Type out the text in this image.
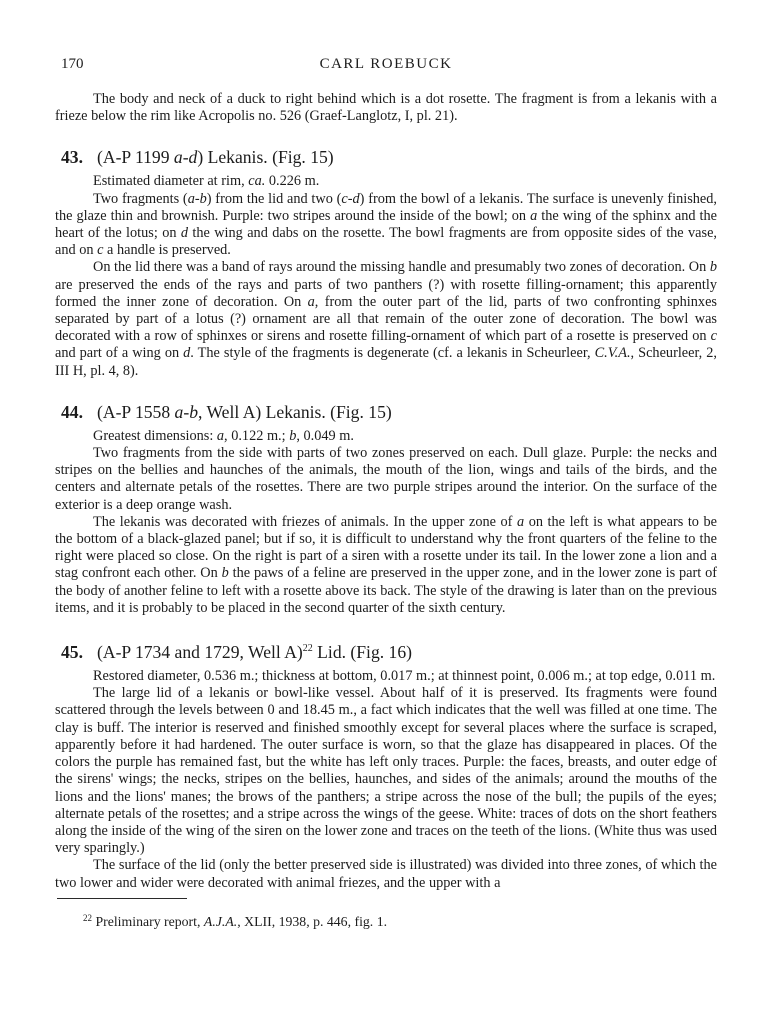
170	CARL ROEBUCK

The body and neck of a duck to right behind which is a dot rosette. The fragment is from a lekanis with a frieze below the rim like Acropolis no. 526 (Graef-Langlotz, I, pl. 21).

43. (A-P 1199 a-d) Lekanis. (Fig. 15)

Estimated diameter at rim, ca. 0.226 m.

Two fragments (a-b) from the lid and two (c-d) from the bowl of a lekanis. The surface is unevenly finished, the glaze thin and brownish. Purple: two stripes around the inside of the bowl; on a the wing of the sphinx and the heart of the lotus; on d the wing and dabs on the rosette. The bowl fragments are from opposite sides of the vase, and on c a handle is preserved.

On the lid there was a band of rays around the missing handle and presumably two zones of decoration. On b are preserved the ends of the rays and parts of two panthers (?) with rosette filling-ornament; this apparently formed the inner zone of decoration. On a, from the outer part of the lid, parts of two confronting sphinxes separated by part of a lotus (?) ornament are all that remain of the outer zone of decoration. The bowl was decorated with a row of sphinxes or sirens and rosette filling-ornament of which part of a rosette is preserved on c and part of a wing on d. The style of the fragments is degenerate (cf. a lekanis in Scheurleer, C.V.A., Scheurleer, 2, III H, pl. 4, 8).

44. (A-P 1558 a-b, Well A) Lekanis. (Fig. 15)

Greatest dimensions: a, 0.122 m.; b, 0.049 m.

Two fragments from the side with parts of two zones preserved on each. Dull glaze. Purple: the necks and stripes on the bellies and haunches of the animals, the mouth of the lion, wings and tails of the birds, and the centers and alternate petals of the rosettes. There are two purple stripes around the interior. On the surface of the exterior is a deep orange wash.

The lekanis was decorated with friezes of animals. In the upper zone of a on the left is what appears to be the bottom of a black-glazed panel; but if so, it is difficult to understand why the front quarters of the feline to the right were placed so close. On the right is part of a siren with a rosette under its tail. In the lower zone a lion and a stag confront each other. On b the paws of a feline are preserved in the upper zone, and in the lower zone is part of the body of another feline to left with a rosette above its back. The style of the drawing is later than on the previous items, and it is probably to be placed in the second quarter of the sixth century.

45. (A-P 1734 and 1729, Well A)$^{22}$ Lid. (Fig. 16)

Restored diameter, 0.536 m.; thickness at bottom, 0.017 m.; at thinnest point, 0.006 m.; at top edge, 0.011 m.

The large lid of a lekanis or bowl-like vessel. About half of it is preserved. Its fragments were found scattered through the levels between 0 and 18.45 m., a fact which indicates that the well was filled at one time. The clay is buff. The interior is reserved and finished smoothly except for several places where the surface is scraped, apparently before it had hardened. The outer surface is worn, so that the glaze has disappeared in places. Of the colors the purple has remained fast, but the white has left only traces. Purple: the faces, breasts, and outer edge of the sirens' wings; the necks, stripes on the bellies, haunches, and sides of the animals; around the mouths of the lions and the lions' manes; the brows of the panthers; a stripe across the nose of the bull; the pupils of the eyes; alternate petals of the rosettes; and a stripe across the wings of the geese. White: traces of dots on the short feathers along the inside of the wing of the siren on the lower zone and traces on the teeth of the lions. (White thus was used very sparingly.)

The surface of the lid (only the better preserved side is illustrated) was divided into three zones, of which the two lower and wider were decorated with animal friezes, and the upper with a

$^{22}$ Preliminary report, A.J.A., XLII, 1938, p. 446, fig. 1.
